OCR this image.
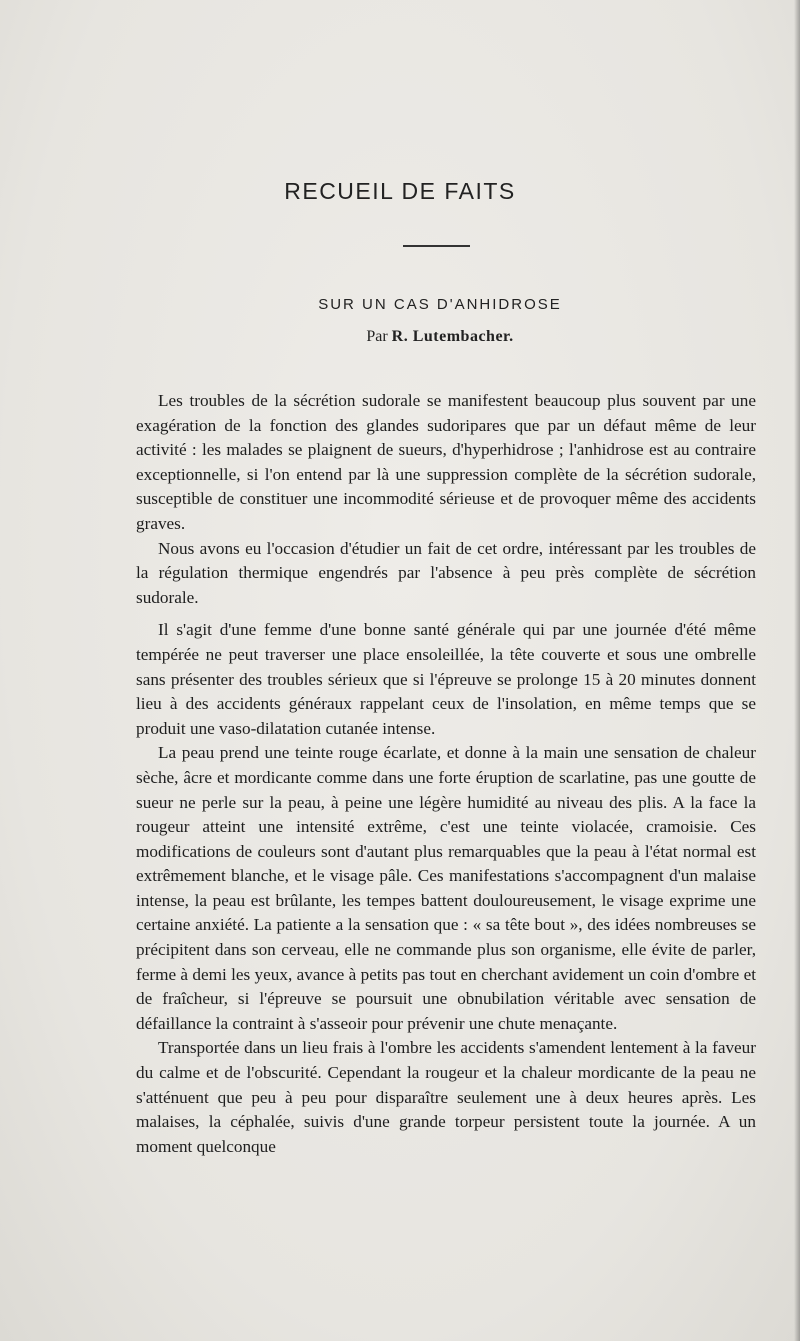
RECUEIL DE FAITS
SUR UN CAS D'ANHIDROSE
Par R. Lutembacher.

Les troubles de la sécrétion sudorale se manifestent beaucoup plus souvent par une exagération de la fonction des glandes sudoripares que par un défaut même de leur activité : les malades se plaignent de sueurs, d'hyperhidrose ; l'anhidrose est au contraire exceptionnelle, si l'on entend par là une suppression complète de la sécrétion sudorale, susceptible de constituer une incommodité sérieuse et de provoquer même des accidents graves.

Nous avons eu l'occasion d'étudier un fait de cet ordre, intéressant par les troubles de la régulation thermique engendrés par l'absence à peu près complète de sécrétion sudorale.

Il s'agit d'une femme d'une bonne santé générale qui par une journée d'été même tempérée ne peut traverser une place ensoleillée, la tête couverte et sous une ombrelle sans présenter des troubles sérieux que si l'épreuve se prolonge 15 à 20 minutes donnent lieu à des accidents généraux rappelant ceux de l'insolation, en même temps que se produit une vaso-dilatation cutanée intense.

La peau prend une teinte rouge écarlate, et donne à la main une sensation de chaleur sèche, âcre et mordicante comme dans une forte éruption de scarlatine, pas une goutte de sueur ne perle sur la peau, à peine une légère humidité au niveau des plis. A la face la rougeur atteint une intensité extrême, c'est une teinte violacée, cramoisie. Ces modifications de couleurs sont d'autant plus remarquables que la peau à l'état normal est extrêmement blanche, et le visage pâle. Ces manifestations s'accompagnent d'un malaise intense, la peau est brûlante, les tempes battent douloureusement, le visage exprime une certaine anxiété. La patiente a la sensation que : « sa tête bout », des idées nombreuses se précipitent dans son cerveau, elle ne commande plus son organisme, elle évite de parler, ferme à demi les yeux, avance à petits pas tout en cherchant avidement un coin d'ombre et de fraîcheur, si l'épreuve se poursuit une obnubilation véritable avec sensation de défaillance la contraint à s'asseoir pour prévenir une chute menaçante.

Transportée dans un lieu frais à l'ombre les accidents s'amendent lentement à la faveur du calme et de l'obscurité. Cependant la rougeur et la chaleur mordicante de la peau ne s'atténuent que peu à peu pour disparaître seulement une à deux heures après. Les malaises, la céphalée, suivis d'une grande torpeur persistent toute la journée. A un moment quelconque
